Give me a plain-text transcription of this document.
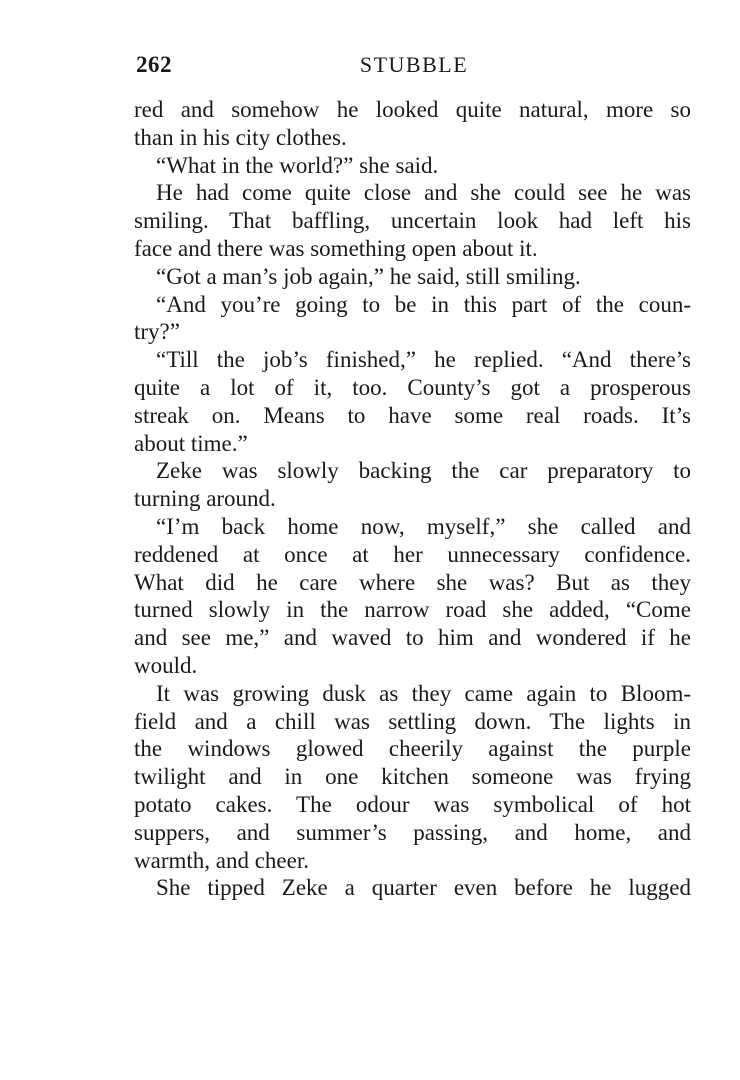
262	STUBBLE
red and somehow he looked quite natural, more so
than in his city clothes.
“What in the world?” she said.
He had come quite close and she could see he was
smiling. That baffling, uncertain look had left his
face and there was something open about it.
“Got a man’s job again,” he said, still smiling.
“And you’re going to be in this part of the coun-
try?”
“Till the job’s finished,” he replied. “And there’s
quite a lot of it, too. County’s got a prosperous
streak on. Means to have some real roads. It’s
about time.”
Zeke was slowly backing the car preparatory to
turning around.
“I’m back home now, myself,” she called and
reddened at once at her unnecessary confidence.
What did he care where she was? But as they
turned slowly in the narrow road she added, “Come
and see me,” and waved to him and wondered if he
would.
It was growing dusk as they came again to Bloom-
field and a chill was settling down. The lights in
the windows glowed cheerily against the purple
twilight and in one kitchen someone was frying
potato cakes. The odour was symbolical of hot
suppers, and summer’s passing, and home, and
warmth, and cheer.
She tipped Zeke a quarter even before he lugged
